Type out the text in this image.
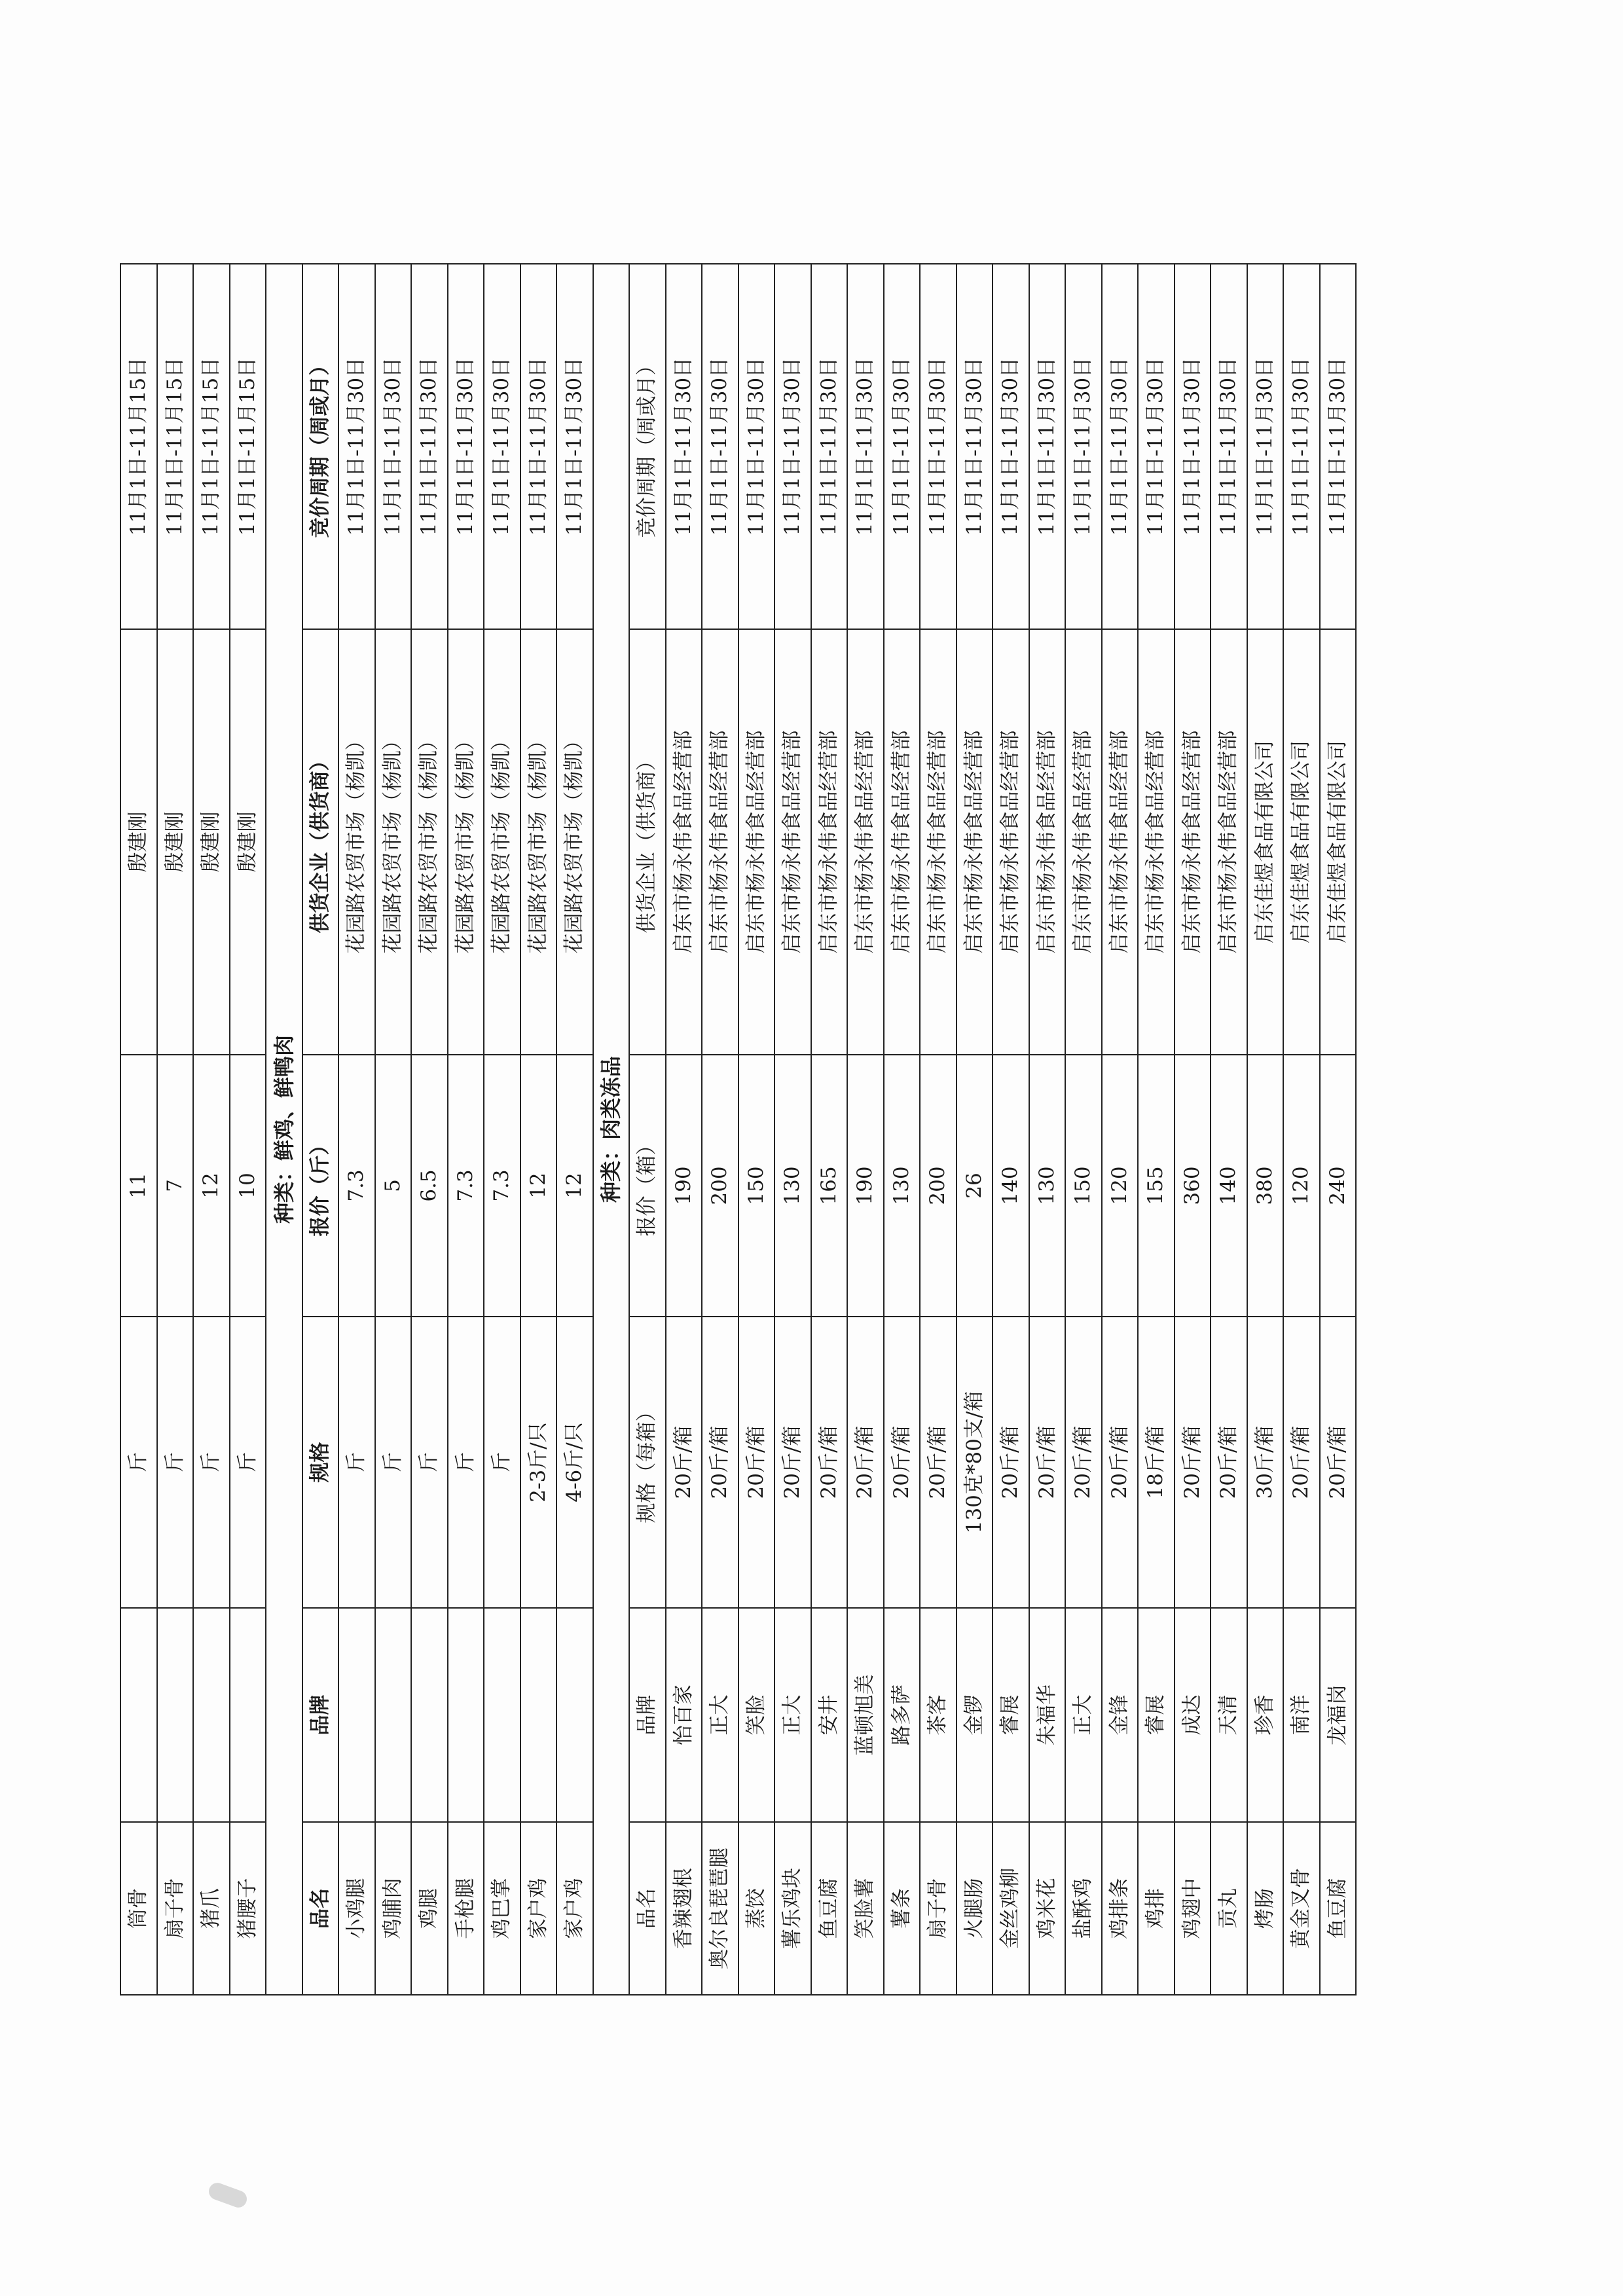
筒骨		斤	11	殷建刚	11月1日-11月15日
扇子骨		斤	7	殷建刚	11月1日-11月15日
猪爪		斤	12	殷建刚	11月1日-11月15日
猪腰子		斤	10	殷建刚	11月1日-11月15日
种类：鲜鸡、鲜鸭肉					
品名	品牌	规格	报价（斤）	供货企业（供货商）	竞价周期（周或月）
小鸡腿		斤	7.3	花园路农贸市场（杨凯）	11月1日-11月30日
鸡脯肉		斤	5	花园路农贸市场（杨凯）	11月1日-11月30日
鸡腿		斤	6.5	花园路农贸市场（杨凯）	11月1日-11月30日
手枪腿		斤	7.3	花园路农贸市场（杨凯）	11月1日-11月30日
鸡巴掌		斤	7.3	花园路农贸市场（杨凯）	11月1日-11月30日
家户鸡		2-3斤/只	12	花园路农贸市场（杨凯）	11月1日-11月30日
家户鸡		4-6斤/只	12	花园路农贸市场（杨凯）	11月1日-11月30日
种类：肉类冻品					
品名	品牌	规格（每箱）	报价（箱）	供货企业（供货商）	竞价周期（周或月）
香辣翅根	怡百家	20斤/箱	190	启东市杨永伟食品经营部	11月1日-11月30日
奥尔良琵琶腿	正大	20斤/箱	200	启东市杨永伟食品经营部	11月1日-11月30日
蒸饺	笑脸	20斤/箱	150	启东市杨永伟食品经营部	11月1日-11月30日
薯乐鸡块	正大	20斤/箱	130	启东市杨永伟食品经营部	11月1日-11月30日
鱼豆腐	安井	20斤/箱	165	启东市杨永伟食品经营部	11月1日-11月30日
笑脸薯	蓝顿旭美	20斤/箱	190	启东市杨永伟食品经营部	11月1日-11月30日
薯条	路多萨	20斤/箱	130	启东市杨永伟食品经营部	11月1日-11月30日
扇子骨	茶客	20斤/箱	200	启东市杨永伟食品经营部	11月1日-11月30日
火腿肠	金锣	130克*80支/箱	26	启东市杨永伟食品经营部	11月1日-11月30日
金丝鸡柳	睿展	20斤/箱	140	启东市杨永伟食品经营部	11月1日-11月30日
鸡米花	朱福华	20斤/箱	130	启东市杨永伟食品经营部	11月1日-11月30日
盐酥鸡	正大	20斤/箱	150	启东市杨永伟食品经营部	11月1日-11月30日
鸡排条	金锋	20斤/箱	120	启东市杨永伟食品经营部	11月1日-11月30日
鸡排	睿展	18斤/箱	155	启东市杨永伟食品经营部	11月1日-11月30日
鸡翅中	成达	20斤/箱	360	启东市杨永伟食品经营部	11月1日-11月30日
贡丸	天清	20斤/箱	140	启东市杨永伟食品经营部	11月1日-11月30日
烤肠	珍香	30斤/箱	380	启东佳煜食品有限公司	11月1日-11月30日
黄金叉骨	南洋	20斤/箱	120	启东佳煜食品有限公司	11月1日-11月30日
鱼豆腐	龙福岗	20斤/箱	240	启东佳煜食品有限公司	11月1日-11月30日
